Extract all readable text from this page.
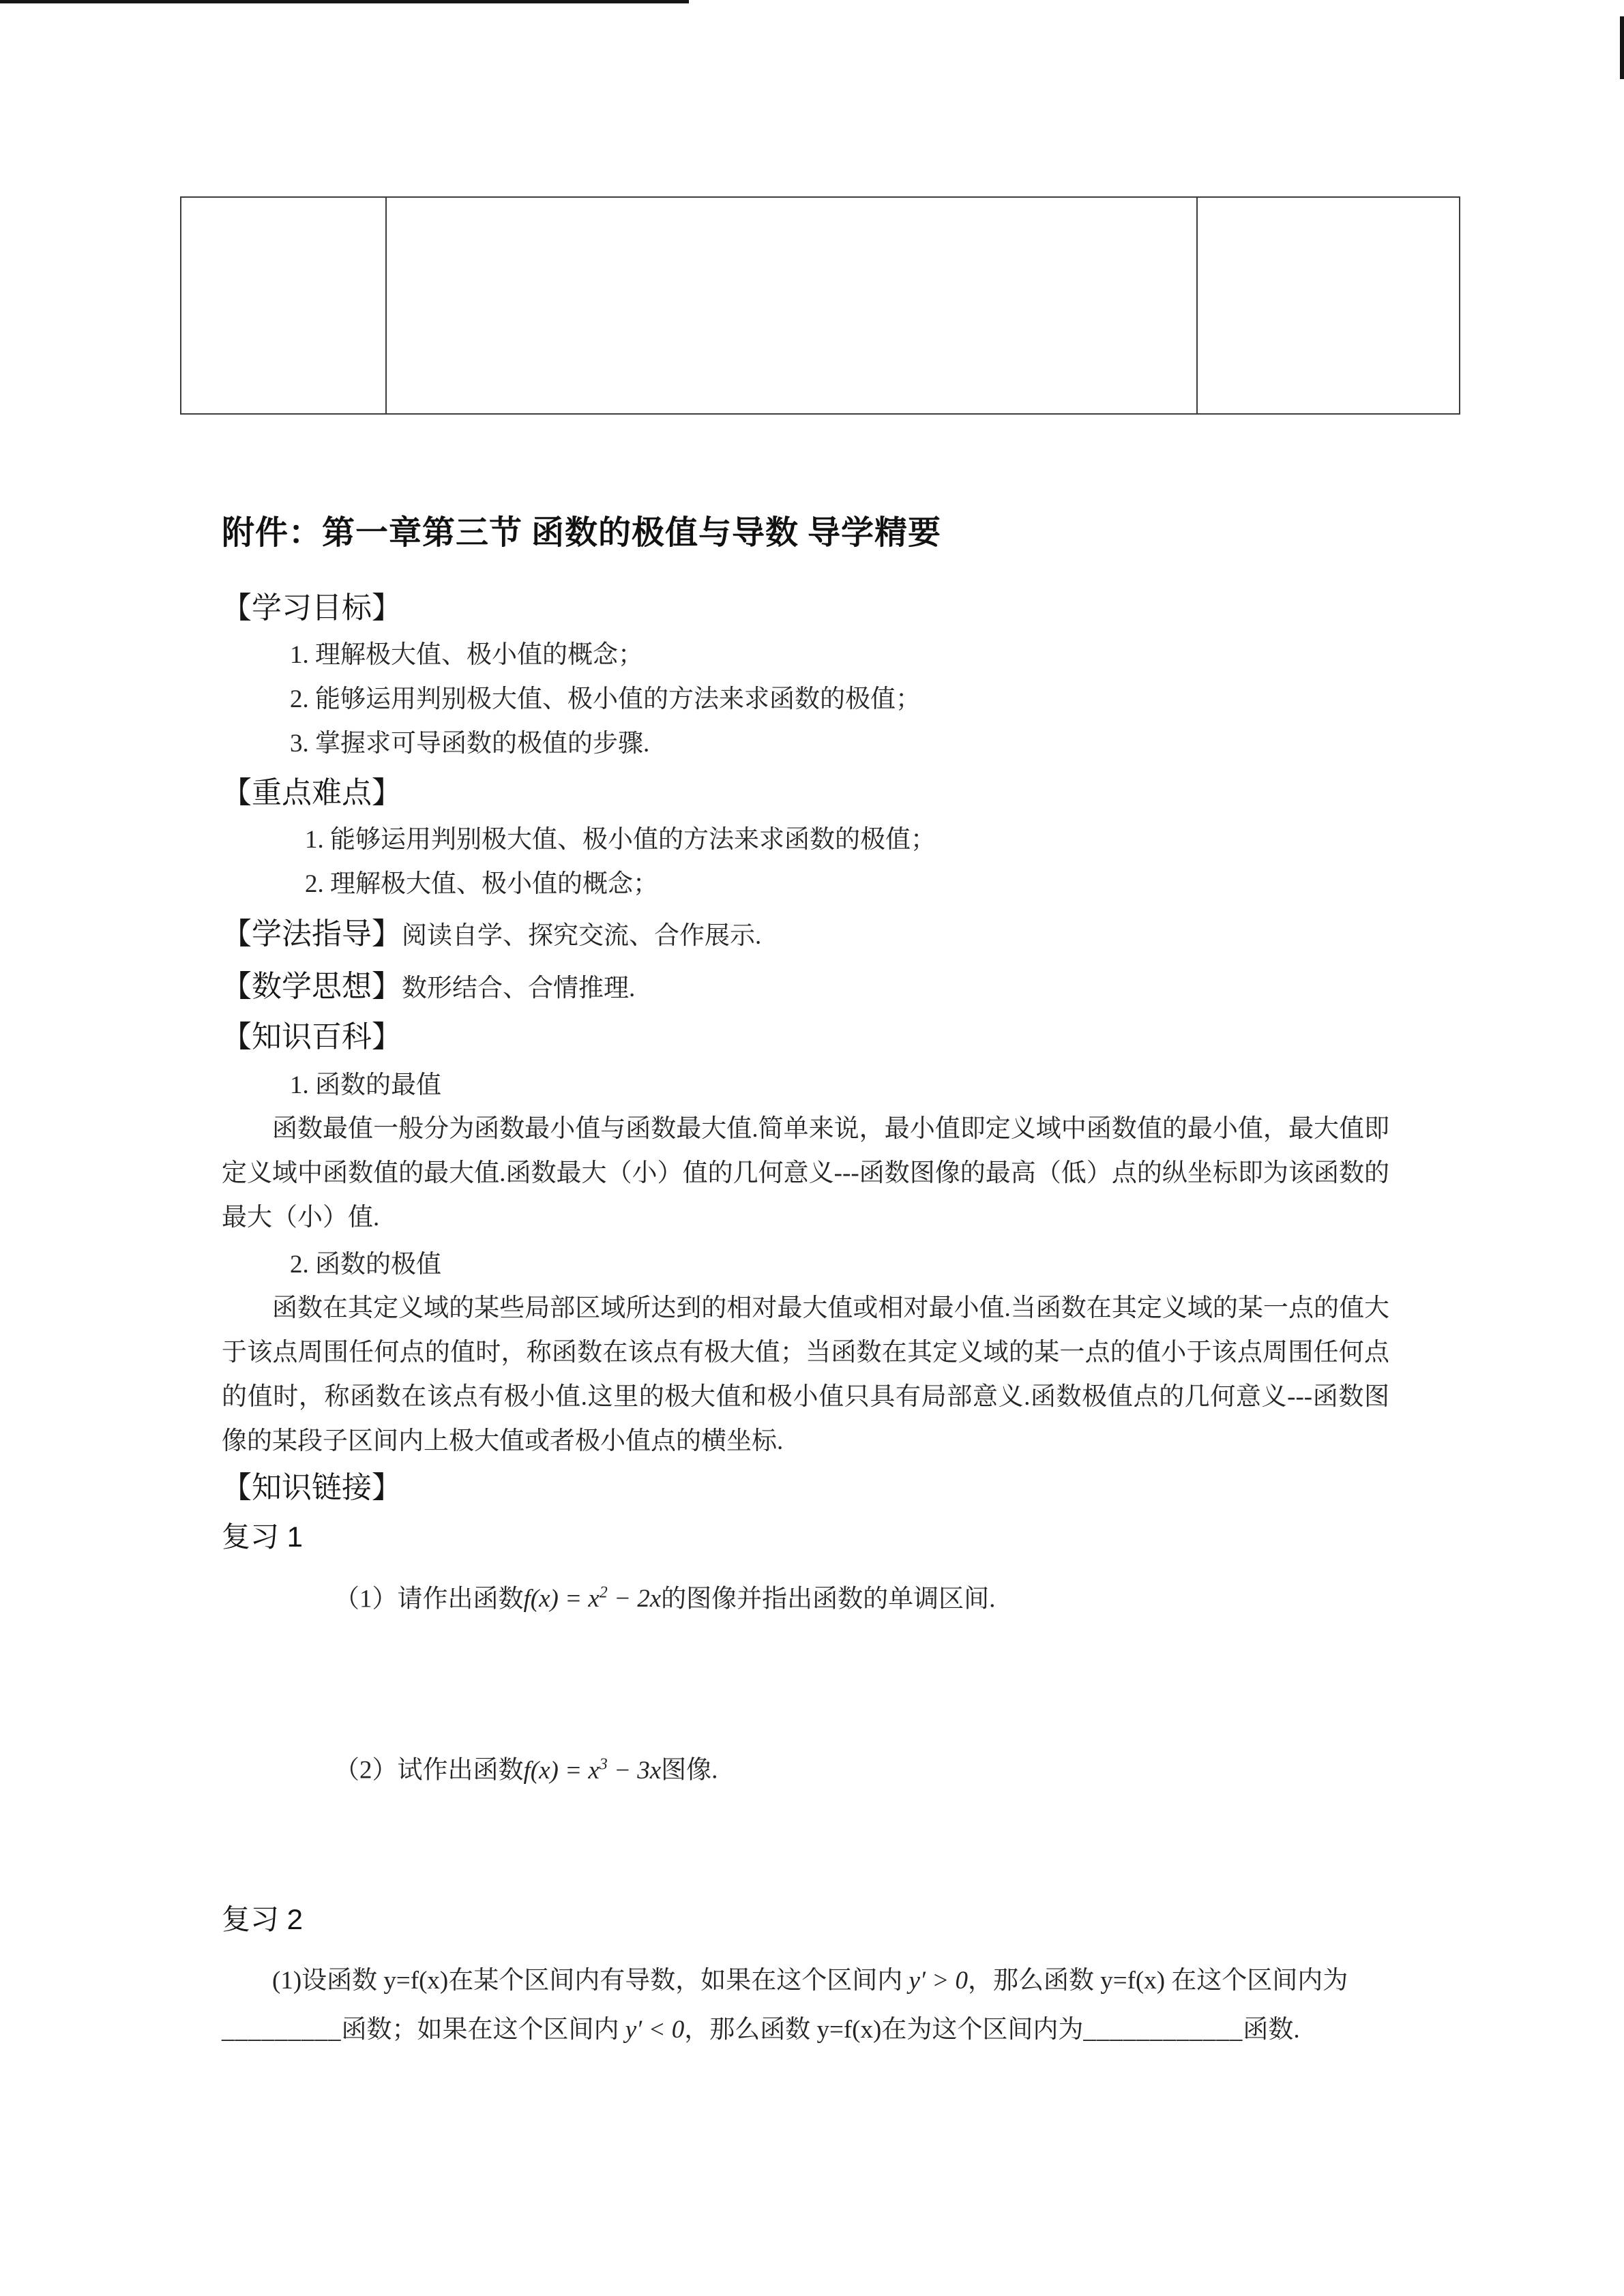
附件：第一章第三节 函数的极值与导数 导学精要
【学习目标】
1. 理解极大值、极小值的概念；
2. 能够运用判别极大值、极小值的方法来求函数的极值；
3. 掌握求可导函数的极值的步骤.
【重点难点】
1. 能够运用判别极大值、极小值的方法来求函数的极值；
2. 理解极大值、极小值的概念；
【学法指导】阅读自学、探究交流、合作展示.
【数学思想】数形结合、合情推理.
【知识百科】
1. 函数的最值

函数最值一般分为函数最小值与函数最大值.简单来说，最小值即定义域中函数值的最小值，最大值即定义域中函数值的最大值.函数最大（小）值的几何意义---函数图像的最高（低）点的纵坐标即为该函数的最大（小）值.

2. 函数的极值

函数在其定义域的某些局部区域所达到的相对最大值或相对最小值.当函数在其定义域的某一点的值大于该点周围任何点的值时，称函数在该点有极大值；当函数在其定义域的某一点的值小于该点周围任何点的值时，称函数在该点有极小值.这里的极大值和极小值只具有局部意义.函数极值点的几何意义---函数图像的某段子区间内上极大值或者极小值点的横坐标.

【知识链接】
复习 1

（1）请作出函数$f(x) = x^2 - 2x$的图像并指出函数的单调区间.

（2）试作出函数$f(x) = x^3 - 3x$图像.

复习 2

(1)设函数 y=f(x)在某个区间内有导数，如果在这个区间内 y′ > 0，那么函数 y=f(x) 在这个区间内为_________函数；如果在这个区间内 y′ < 0，那么函数 y=f(x)在为这个区间内为____________函数.
